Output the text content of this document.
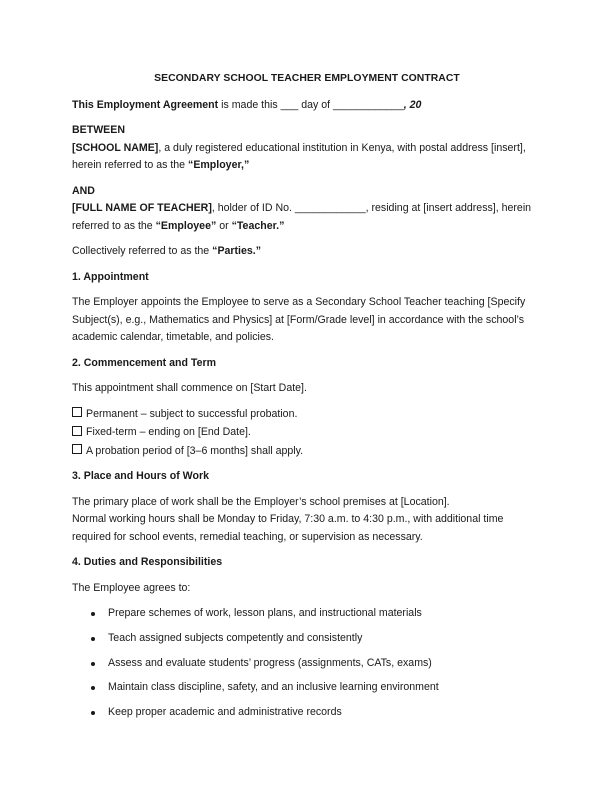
SECONDARY SCHOOL TEACHER EMPLOYMENT CONTRACT

This Employment Agreement is made this ___ day of ____________, 20

BETWEEN

[SCHOOL NAME], a duly registered educational institution in Kenya, with postal address [insert], herein referred to as the “Employer,”

AND

[FULL NAME OF TEACHER], holder of ID No. ____________, residing at [insert address], herein referred to as the “Employee” or “Teacher.”

Collectively referred to as the “Parties.”

1. Appointment

The Employer appoints the Employee to serve as a Secondary School Teacher teaching [Specify Subject(s), e.g., Mathematics and Physics] at [Form/Grade level] in accordance with the school’s academic calendar, timetable, and policies.

2. Commencement and Term

This appointment shall commence on [Start Date].

Permanent – subject to successful probation.
Fixed-term – ending on [End Date].
A probation period of [3–6 months] shall apply.
3. Place and Hours of Work

The primary place of work shall be the Employer’s school premises at [Location].
Normal working hours shall be Monday to Friday, 7:30 a.m. to 4:30 p.m., with additional time required for school events, remedial teaching, or supervision as necessary.

4. Duties and Responsibilities

The Employee agrees to:

Prepare schemes of work, lesson plans, and instructional materials
Teach assigned subjects competently and consistently
Assess and evaluate students’ progress (assignments, CATs, exams)
Maintain class discipline, safety, and an inclusive learning environment
Keep proper academic and administrative records
